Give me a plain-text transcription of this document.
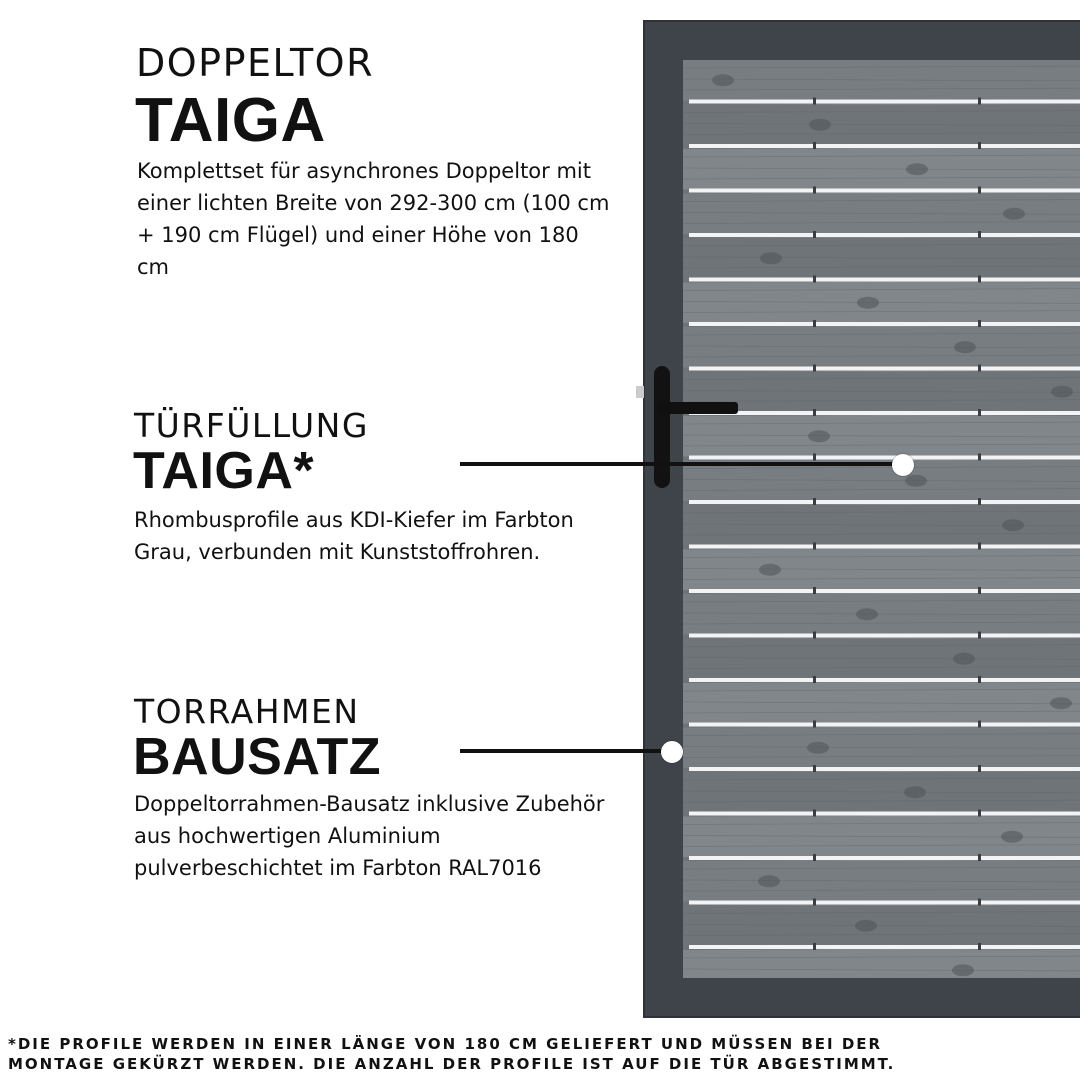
DOPPELTOR
TAIGA
Komplettset für asynchrones Doppeltor mit einer lichten Breite von 292-300 cm (100 cm + 190 cm Flügel) und einer Höhe von 180 cm
TÜRFÜLLUNG
TAIGA*
Rhombusprofile aus KDI-Kiefer im Farbton Grau, verbunden mit Kunststoffrohren.
TORRAHMEN
BAUSATZ
Doppeltorrahmen-Bausatz inklusive Zubehör aus hochwertigen Aluminium pulverbeschichtet im Farbton RAL7016
*DIE PROFILE WERDEN IN EINER LÄNGE VON 180 CM GELIEFERT UND MÜSSEN BEI DER
MONTAGE GEKÜRZT WERDEN. DIE ANZAHL DER PROFILE IST AUF DIE TÜR ABGESTIMMT.
